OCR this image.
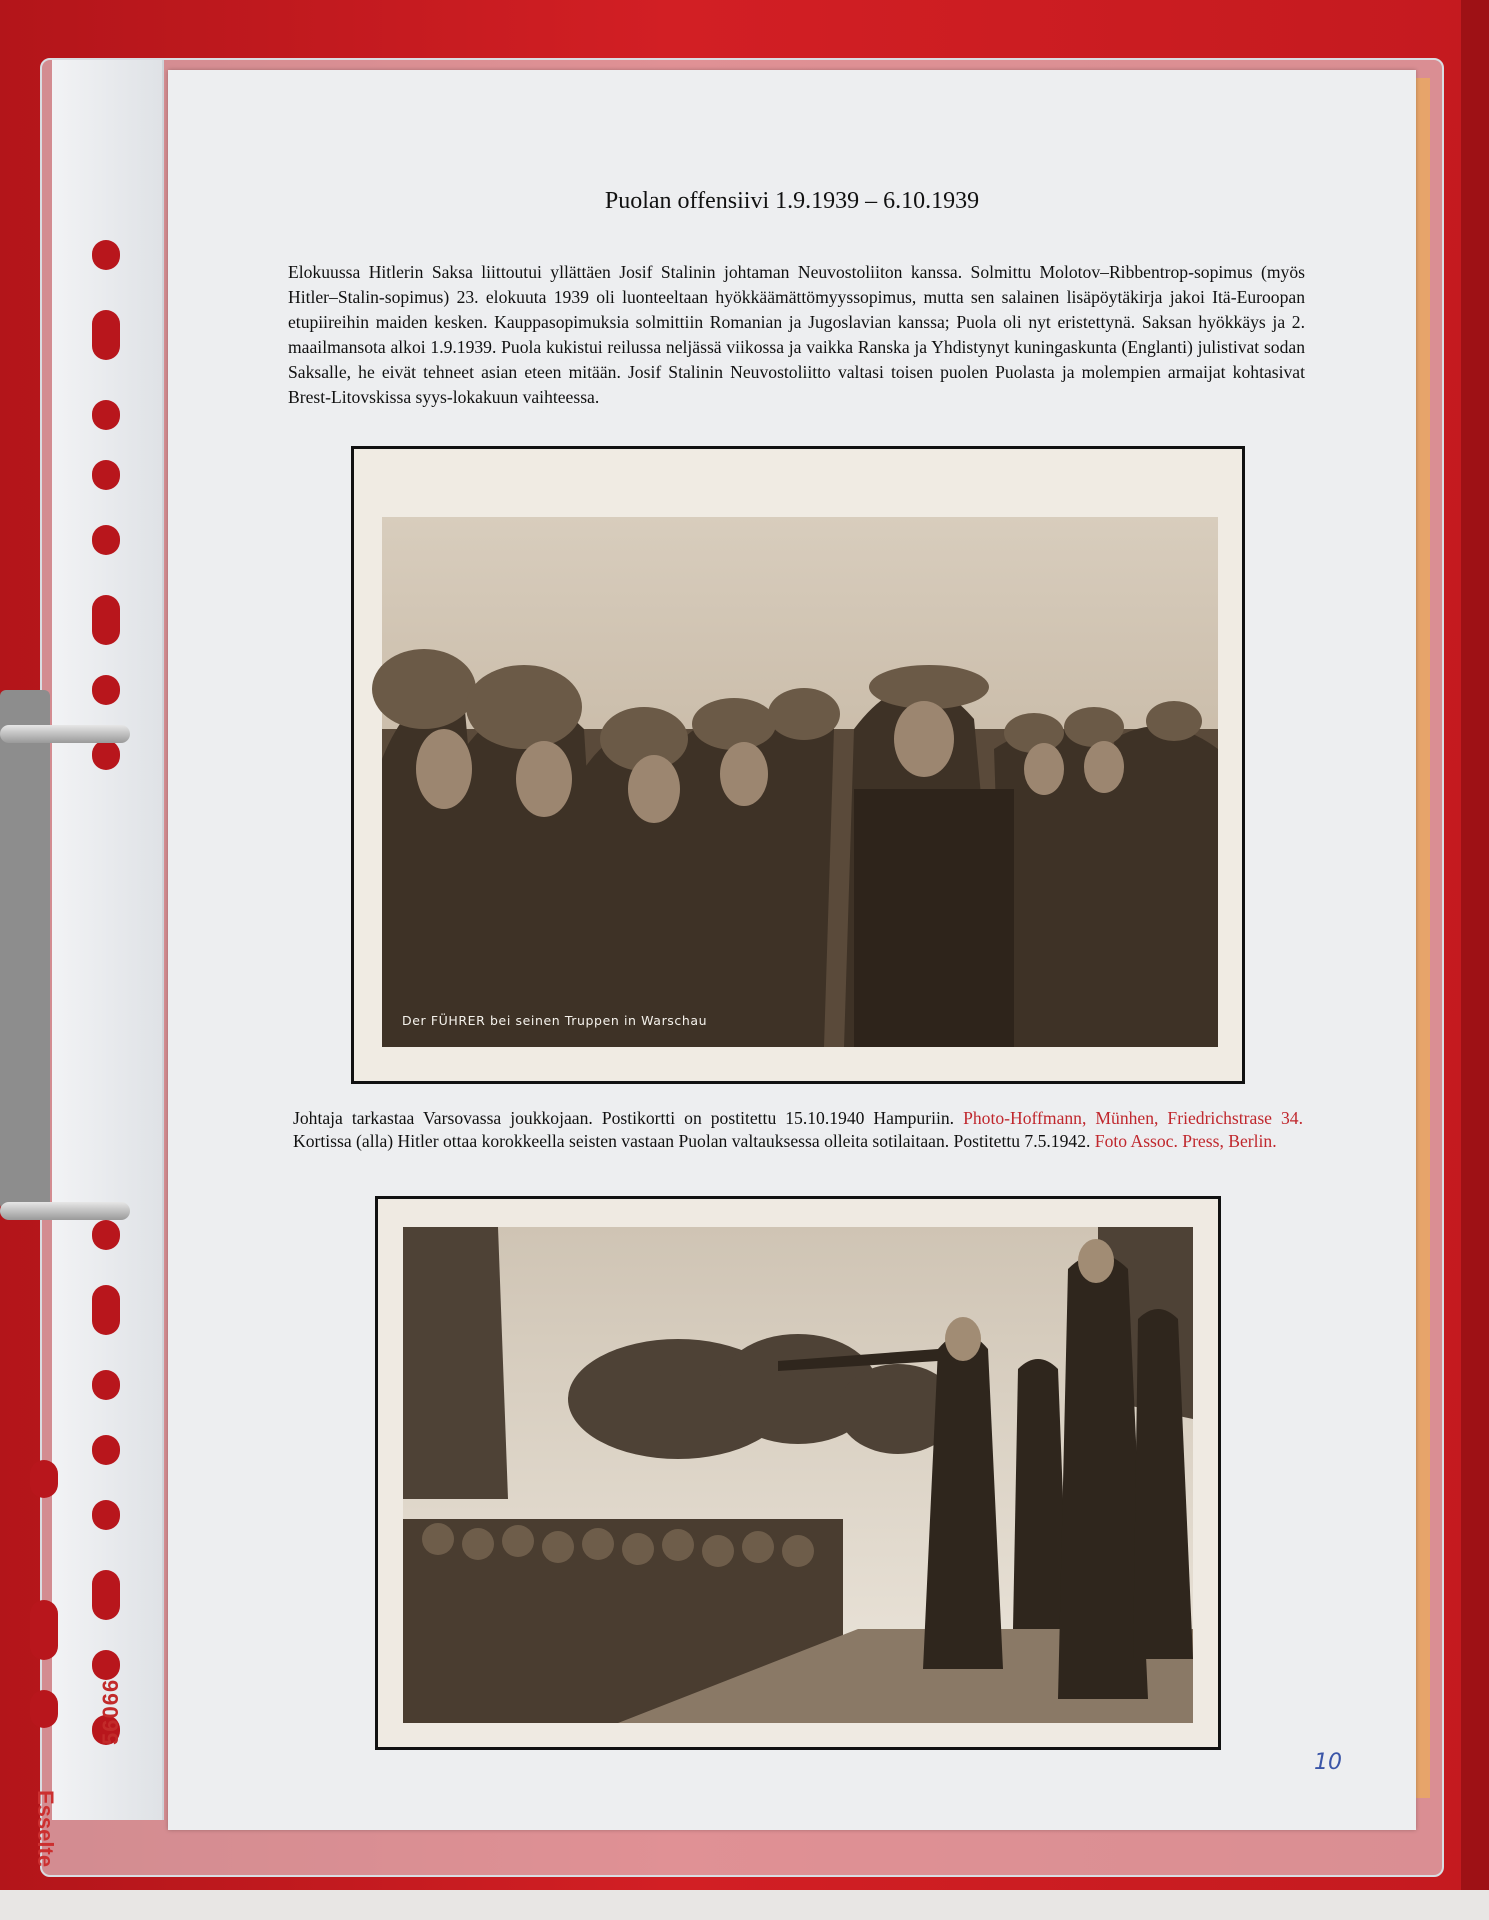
56066
Esselte
Puolan offensiivi 1.9.1939 – 6.10.1939
Elokuussa Hitlerin Saksa liittoutui yllättäen Josif Stalinin johtaman Neuvostoliiton kanssa. Solmittu Molotov–Ribbentrop-sopimus (myös Hitler–Stalin-sopimus) 23. elokuuta 1939 oli luonteeltaan hyökkäämättömyyssopimus, mutta sen salainen lisäpöytäkirja jakoi Itä-Euroopan etupiireihin maiden kesken. Kauppasopimuksia solmittiin Romanian ja Jugoslavian kanssa; Puola oli nyt eristettynä. Saksan hyökkäys ja 2. maailmansota alkoi 1.9.1939. Puola kukistui reilussa neljässä viikossa ja vaikka Ranska ja Yhdistynyt kuningaskunta (Englanti) julistivat sodan Saksalle, he eivät tehneet asian eteen mitään. Josif Stalinin Neuvostoliitto valtasi toisen puolen Puolasta ja molempien armaijat kohtasivat Brest-Litovskissa syys-lokakuun vaihteessa.
Der FÜHRER bei seinen Truppen in Warschau
Johtaja tarkastaa Varsovassa joukkojaan. Postikortti on postitettu 15.10.1940 Hampuriin. Photo-Hoffmann, Münhen, Friedrichstrase 34. Kortissa (alla) Hitler ottaa korokkeella seisten vastaan Puolan valtauksessa olleita sotilaitaan. Postitettu 7.5.1942. Foto Assoc. Press, Berlin.
10
